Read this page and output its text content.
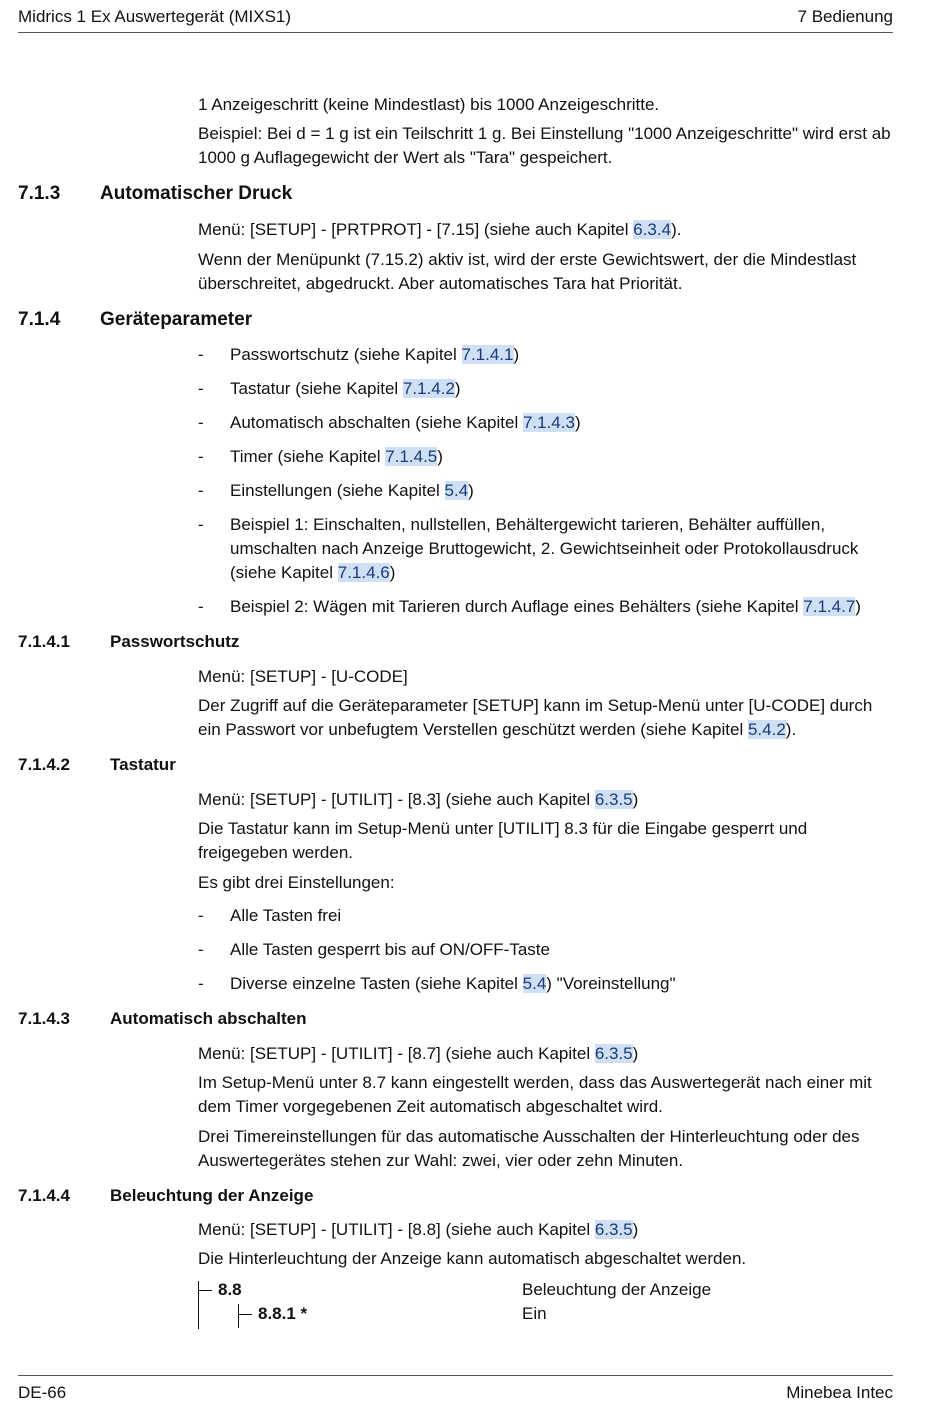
Midrics 1 Ex Auswertegerät (MIXS1)	7 Bedienung

1 Anzeigeschritt (keine Mindestlast) bis 1000 Anzeigeschritte.

Beispiel: Bei d = 1 g ist ein Teilschritt 1 g. Bei Einstellung "1000 Anzeigeschritte" wird erst ab 1000 g Auflagegewicht der Wert als "Tara" gespeichert.

7.1.3 Automatischer Druck

Menü: [SETUP] - [PRTPROT] - [7.15] (siehe auch Kapitel 6.3.4).

Wenn der Menüpunkt (7.15.2) aktiv ist, wird der erste Gewichtswert, der die Mindestlast überschreitet, abgedruckt. Aber automatisches Tara hat Priorität.

7.1.4 Geräteparameter
- Passwortschutz (siehe Kapitel 7.1.4.1)
- Tastatur (siehe Kapitel 7.1.4.2)
- Automatisch abschalten (siehe Kapitel 7.1.4.3)
- Timer (siehe Kapitel 7.1.4.5)
- Einstellungen (siehe Kapitel 5.4)
- Beispiel 1: Einschalten, nullstellen, Behältergewicht tarieren, Behälter auffüllen, umschalten nach Anzeige Bruttogewicht, 2. Gewichtseinheit oder Protokollausdruck (siehe Kapitel 7.1.4.6)
- Beispiel 2: Wägen mit Tarieren durch Auflage eines Behälters (siehe Kapitel 7.1.4.7)
7.1.4.1 Passwortschutz

Menü: [SETUP] - [U-CODE]

Der Zugriff auf die Geräteparameter [SETUP] kann im Setup-Menü unter [U-CODE] durch ein Passwort vor unbefugtem Verstellen geschützt werden (siehe Kapitel 5.4.2).

7.1.4.2 Tastatur

Menü: [SETUP] - [UTILIT] - [8.3] (siehe auch Kapitel 6.3.5)

Die Tastatur kann im Setup-Menü unter [UTILIT] 8.3 für die Eingabe gesperrt und freigegeben werden.

Es gibt drei Einstellungen:

- Alle Tasten frei
- Alle Tasten gesperrt bis auf ON/OFF-Taste
- Diverse einzelne Tasten (siehe Kapitel 5.4) "Voreinstellung"
7.1.4.3 Automatisch abschalten

Menü: [SETUP] - [UTILIT] - [8.7] (siehe auch Kapitel 6.3.5)

Im Setup-Menü unter 8.7 kann eingestellt werden, dass das Auswertegerät nach einer mit dem Timer vorgegebenen Zeit automatisch abgeschaltet wird.

Drei Timereinstellungen für das automatische Ausschalten der Hinterleuchtung oder des Auswertegerätes stehen zur Wahl: zwei, vier oder zehn Minuten.

7.1.4.4 Beleuchtung der Anzeige

Menü: [SETUP] - [UTILIT] - [8.8] (siehe auch Kapitel 6.3.5)

Die Hinterleuchtung der Anzeige kann automatisch abgeschaltet werden.

8.8	Beleuchtung der Anzeige
8.8.1 *	Ein
DE-66	Minebea Intec
